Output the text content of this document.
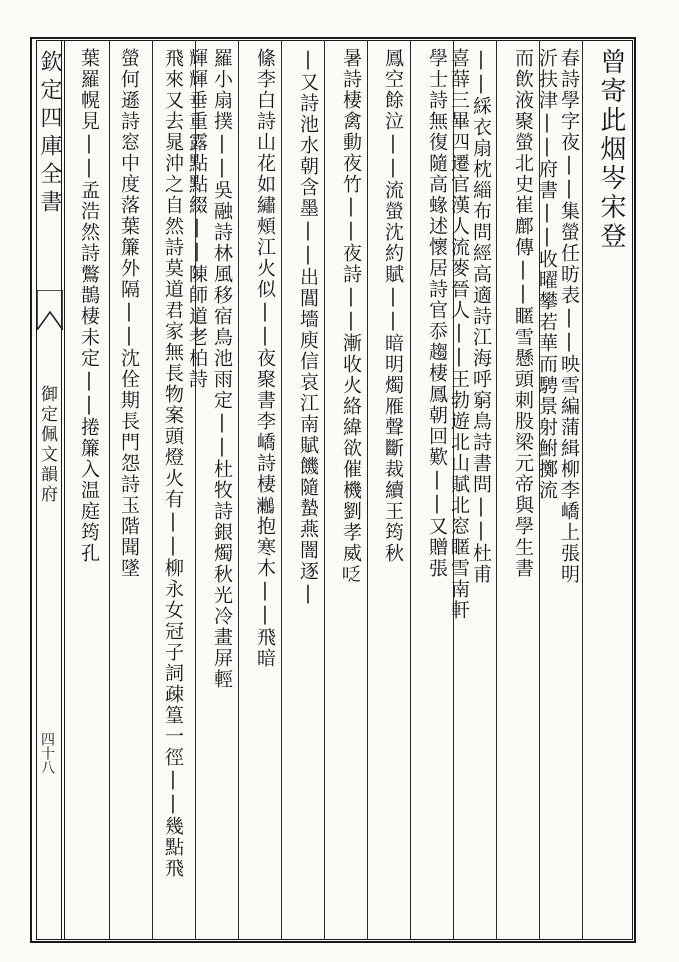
欽定四庫全書
御定佩文韻府
四十八
曾寄此烟岑宋登
春詩學字夜||集螢任昉表||映雪編蒲緝柳李嶠上張明
沂扶津||府書||收曜攀若華而騁景射鮒擲流
而飲液聚螢北史崔鄜傳||䁥雪懸頭刺股梁元帝與學生書
||綵衣扇枕緇布問經高適詩江海呼窮鳥詩書問||杜甫
喜薛三畢四遷官漢人流麥晉人||王勃遊北山賦北窓䁥雪南軒
學士詩無復隨高蝝述懷居詩官忝趨棲鳳朝回歎||又贈張
鳳空餘泣||流螢沈約賦||暗明燭雁聲斷裁續王筠秋
暑詩棲禽動夜竹||夜詩||漸收火絡緯欲催機劉孝威𠰏
|又詩池水朝含墨||出閶墻庾信哀江南賦饑隨蟄燕闇逐|
絛李白詩山花如繡頰江火似||夜聚書李嶠詩棲𪆟抱寒木||飛暗
羅小扇撲||吳融詩林風移宿鳥池雨定||杜牧詩銀燭秋光冷畫屏輕
輝輝垂重露點點綴||陳師道老柏詩
飛來又去晁沖之自然詩莫道君家無長物案頭燈火有||柳永女冠子詞疎篁一徑||幾點飛
螢何遜詩窓中度落葉簾外隔||沈佺期長門怨詩玉階聞墜
葉羅幌見||孟浩然詩鷩鵲棲未定||捲簾入温庭筠孔
